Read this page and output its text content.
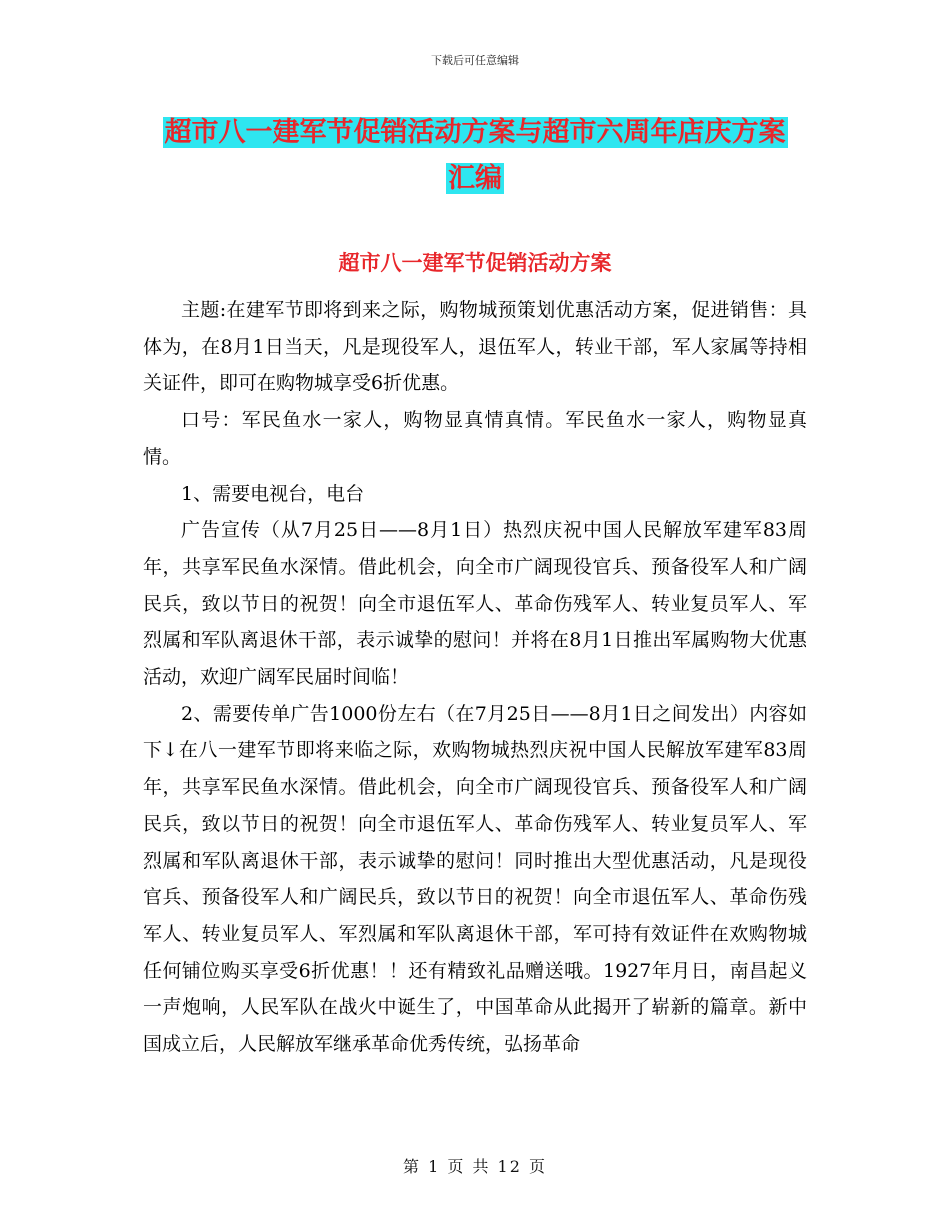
下载后可任意编辑
超市八一建军节促销活动方案与超市六周年店庆方案
汇编
超市八一建军节促销活动方案

主题:在建军节即将到来之际，购物城预策划优惠活动方案，促进销售：具体为，在8月1日当天，凡是现役军人，退伍军人，转业干部，军人家属等持相关证件，即可在购物城享受6折优惠。

口号：军民鱼水一家人，购物显真情真情。军民鱼水一家人，购物显真情。

1、需要电视台，电台

广告宣传（从7月25日——8月1日）热烈庆祝中国人民解放军建军83周年，共享军民鱼水深情。借此机会，向全市广阔现役官兵、预备役军人和广阔民兵，致以节日的祝贺！向全市退伍军人、革命伤残军人、转业复员军人、军烈属和军队离退休干部，表示诚挚的慰问！并将在8月1日推出军属购物大优惠活动，欢迎广阔军民届时间临！

2、需要传单广告1000份左右（在7月25日——8月1日之间发出）内容如下↓在八一建军节即将来临之际，欢购物城热烈庆祝中国人民解放军建军83周年，共享军民鱼水深情。借此机会，向全市广阔现役官兵、预备役军人和广阔民兵，致以节日的祝贺！向全市退伍军人、革命伤残军人、转业复员军人、军烈属和军队离退休干部，表示诚挚的慰问！同时推出大型优惠活动，凡是现役官兵、预备役军人和广阔民兵，致以节日的祝贺！向全市退伍军人、革命伤残军人、转业复员军人、军烈属和军队离退休干部，军可持有效证件在欢购物城任何铺位购买享受6折优惠！！还有精致礼品赠送哦。1927年月日，南昌起义一声炮响，人民军队在战火中诞生了，中国革命从此揭开了崭新的篇章。新中国成立后，人民解放军继承革命优秀传统，弘扬革命

第 1 页 共 12 页
